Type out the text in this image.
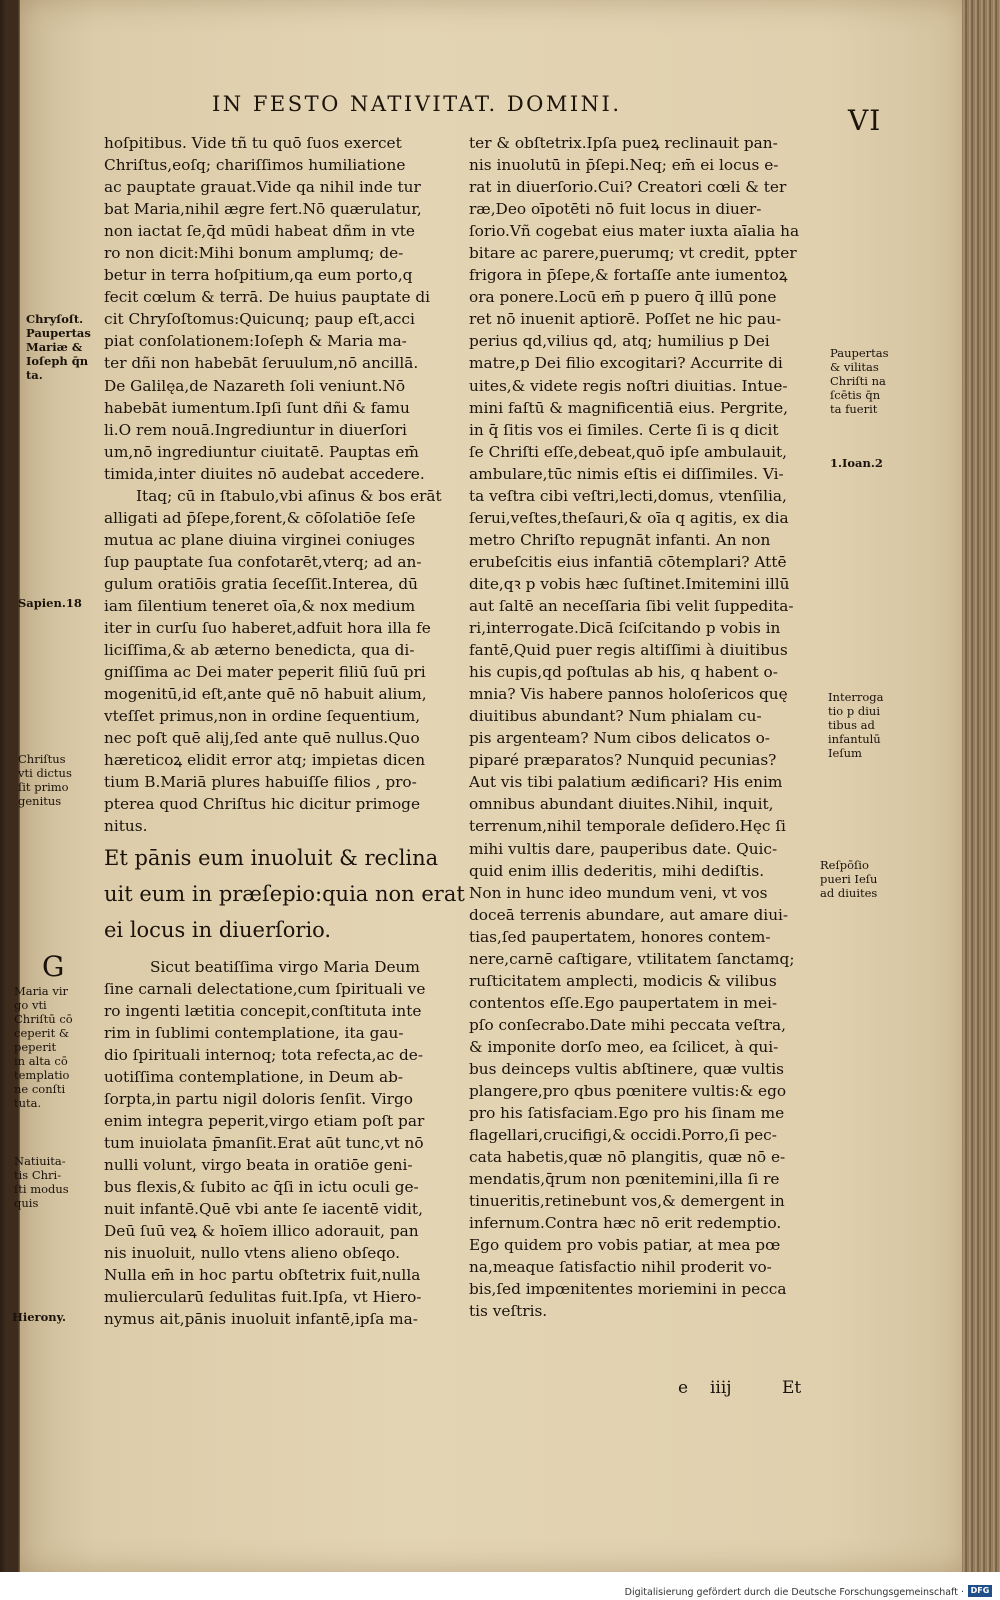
IN FESTO NATIVITAT. DOMINI.	VI
hoſpitibus. Vide tñ tu quō ſuos exercet
Chriſtus,eoſq; chariſſimos humiliatione
ac pauptate grauat.Vide qa nihil inde tur
bat Maria,nihil ægre fert.Nō quærulatur,
non iactat ſe,q̄d mūdi habeat dñm in vte
ro non dicit:Mihi bonum amplumq; de-
betur in terra hoſpitium,qa eum porto,q
fecit cœlum & terrā. De huius pauptate di
cit Chryſoſtomus:Quicunq; paup eſt,acci
piat conſolationem:Ioſeph & Maria ma-
ter dñi non habebāt ſeruulum,nō ancillā.
De Galilęa,de Nazareth ſoli veniunt.Nō
habebāt iumentum.Ipſi ſunt dñi & famu
li.O rem nouā.Ingrediuntur in diuerſori
um,nō ingrediuntur ciuitatē. Pauptas em̄
timida,inter diuites nō audebat accedere.
Itaq; cū in ſtabulo,vbi aſinus & bos erāt
alligati ad p̄ſepe,forent,& cōſolatiōe ſeſe
mutua ac plane diuina virginei coniuges
ſup pauptate ſua confotarēt,vterq; ad an-
gulum oratiōis gratia ſeceſſit.Interea, dū
iam ſilentium teneret oīa,& nox medium
iter in curſu ſuo haberet,adfuit hora illa fe
liciſſima,& ab æterno benedicta, qua di-
gniſſima ac Dei mater peperit filiū ſuū pri
mogenitū,id eſt,ante quē nō habuit alium,
vteſſet primus,non in ordine ſequentium,
nec poſt quē alij,ſed ante quē nullus.Quo
hæreticoꝝ elidit error atq; impietas dicen
tium B.Mariā plures habuiſſe filios , pro-
pterea quod Chriſtus hic dicitur primoge
nitus.
Et pānis eum inuoluit & reclina
uit eum in præſepio:quia non erat
ei locus in diuerſorio.
Sicut beatiſſima virgo Maria Deum
ſine carnali delectatione,cum ſpirituali ve
ro ingenti lætitia concepit,conſtituta inte
rim in ſublimi contemplatione, ita gau-
dio ſpirituali internoq; tota refecta,ac de-
uotiſſima contemplatione, in Deum ab-
ſorpta,in partu nigil doloris ſenſit. Virgo
enim integra peperit,virgo etiam poſt par
tum inuiolata p̄manſit.Erat aūt tunc,vt nō
nulli volunt, virgo beata in oratiōe geni-
bus flexis,& ſubito ac q̄ſi in ictu oculi ge-
nuit infantē.Quē vbi ante ſe iacentē vidit,
Deū ſuū veꝝ & hoīem illico adorauit, pan
nis inuoluit, nullo vtens alieno obſeqo.
Nulla em̄ in hoc partu obſtetrix fuit,nulla
muliercularū ſedulitas fuit.Ipſa, vt Hiero-
nymus ait,pānis inuoluit infantē,ipſa ma-
ter & obſtetrix.Ipſa pueꝝ reclinauit pan-
nis inuolutū in p̄ſepi.Neq; em̄ ei locus e-
rat in diuerſorio.Cui? Creatori cœli & ter
ræ,Deo oīpotēti nō fuit locus in diuer-
ſorio.Vñ cogebat eius mater iuxta aīalia ha
bitare ac parere,puerumq; vt credit, ppter
frigora in p̄ſepe,& fortaſſe ante iumentoꝝ
ora ponere.Locū em̄ p puero q̄ illū pone
ret nō inuenit aptiorē. Poſſet ne hic pau-
perius qd,vilius qd, atq; humilius p Dei
matre,p Dei filio excogitari? Accurrite di
uites,& videte regis noſtri diuitias. Intue-
mini faſtū & magnificentiā eius. Pergrite,
in q̄ ſitis vos ei ſimiles. Certe ſi is q dicit
ſe Chriſti eſſe,debeat,quō ipſe ambulauit,
ambulare,tūc nimis eſtis ei diſſimiles. Vi-
ta veſtra cibi veſtri,lecti,domus, vtenſilia,
ſerui,veſtes,theſauri,& oīa q agitis, ex dia
metro Chriſto repugnāt infanti. An non
erubeſcitis eius infantiā cōtemplari? Attē
dite,qꝛ p vobis hæc ſuſtinet.Imitemini illū
aut ſaltē an neceſſaria ſibi velit ſuppedita-
ri,interrogate.Dicā ſciſcitando p vobis in
fantē,Quid puer regis altiſſimi à diuitibus
his cupis,qd poſtulas ab his, q habent o-
mnia? Vis habere pannos holoſericos quę
diuitibus abundant? Num phialam cu-
pis argenteam? Num cibos delicatos o-
piparé præparatos? Nunquid pecunias?
Aut vis tibi palatium ædificari? His enim
omnibus abundant diuites.Nihil, inquit,
terrenum,nihil temporale deſidero.Hęc ſi
mihi vultis dare, pauperibus date. Quic-
quid enim illis dederitis, mihi dediſtis.
Non in hunc ideo mundum veni, vt vos
doceā terrenis abundare, aut amare diui-
tias,ſed paupertatem, honores contem-
nere,carnē caſtigare, vtilitatem ſanctamq;
ruſticitatem amplecti, modicis & vilibus
contentos eſſe.Ego paupertatem in mei-
pſo conſecrabo.Date mihi peccata veſtra,
& imponite dorſo meo, ea ſcilicet, à qui-
bus deinceps vultis abſtinere, quæ vultis
plangere,pro qbus pœnitere vultis:& ego
pro his ſatisfaciam.Ego pro his ſinam me
flagellari,crucifigi,& occidi.Porro,ſi pec-
cata habetis,quæ nō plangitis, quæ nō e-
mendatis,q̄rum non pœnitemini,illa ſi re
tinueritis,retinebunt vos,& demergent in
infernum.Contra hæc nō erit redemptio.
Ego quidem pro vobis patiar, at mea pœ
na,meaque ſatisfactio nihil proderit vo-
bis,ſed impœnitentes moriemini in pecca
tis veſtris.
Chryſoſt.
Paupertas
Mariæ &
Ioſeph q̄n
ta.
Sapien.18
Chriſtus
vti dictus
ſit primo
genitus
G
Maria vir
go vti
Chriſtū cō
ceperit &
peperit
in alta cō
templatio
ne conſti
tuta.
Natiuita-
tis Chri-
ſti modus
quis
Hierony.
Paupertas
& vilitas
Chriſti na
ſcētis q̄n
ta fuerit
1.Ioan.2
Interroga
tio p diui
tibus ad
infantulū
Ieſum
Reſpōſio
pueri Ieſu
ad diuites
e iiij	Et
Digitalisierung gefördert durch die Deutsche Forschungsgemeinschaft · DFG
